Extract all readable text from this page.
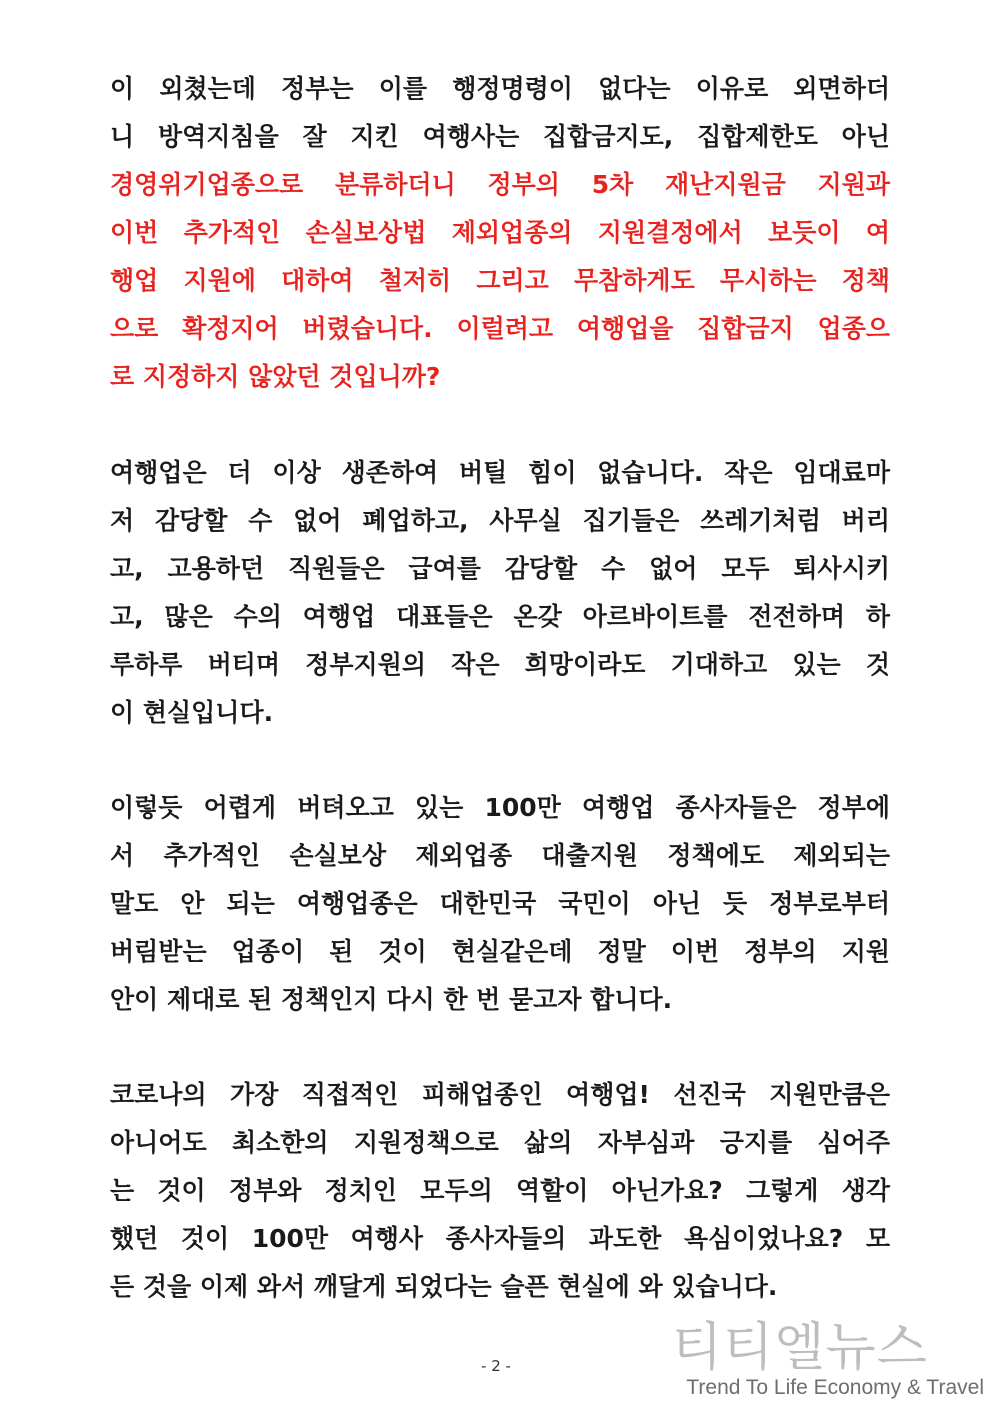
이 외쳤는데 정부는 이를 행정명령이 없다는 이유로 외면하더
니 방역지침을 잘 지킨 여행사는 집합금지도, 집합제한도 아닌
경영위기업종으로 분류하더니 정부의 5차 재난지원금 지원과
이번 추가적인 손실보상법 제외업종의 지원결정에서 보듯이 여
행업 지원에 대하여 철저히 그리고 무참하게도 무시하는 정책
으로 확정지어 버렸습니다. 이럴려고 여행업을 집합금지 업종으
로 지정하지 않았던 것입니까?
여행업은 더 이상 생존하여 버틸 힘이 없습니다. 작은 임대료마
저 감당할 수 없어 폐업하고, 사무실 집기들은 쓰레기처럼 버리
고, 고용하던 직원들은 급여를 감당할 수 없어 모두 퇴사시키
고, 많은 수의 여행업 대표들은 온갖 아르바이트를 전전하며 하
루하루 버티며 정부지원의 작은 희망이라도 기대하고 있는 것
이 현실입니다.
이렇듯 어렵게 버텨오고 있는 100만 여행업 종사자들은 정부에
서 추가적인 손실보상 제외업종 대출지원 정책에도 제외되는
말도 안 되는 여행업종은 대한민국 국민이 아닌 듯 정부로부터
버림받는 업종이 된 것이 현실같은데 정말 이번 정부의 지원
안이 제대로 된 정책인지 다시 한 번 묻고자 합니다.
코로나의 가장 직접적인 피해업종인 여행업! 선진국 지원만큼은
아니어도 최소한의 지원정책으로 삶의 자부심과 긍지를 심어주
는 것이 정부와 정치인 모두의 역할이 아닌가요? 그렇게 생각
했던 것이 100만 여행사 종사자들의 과도한 욕심이었나요? 모
든 것을 이제 와서 깨달게 되었다는 슬픈 현실에 와 있습니다.
- 2 -	티티엘뉴스
Trend To Life Economy & Travel
